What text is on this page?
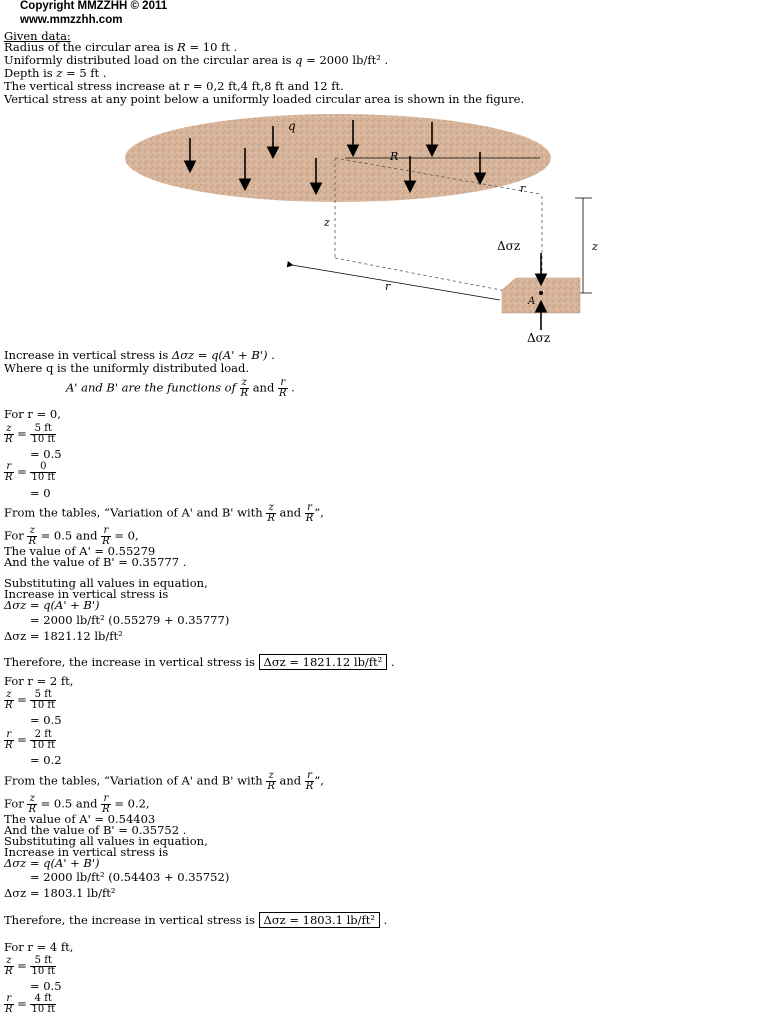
Copyright MMZZHH © 2011
www.mmzzhh.com
Given data:
Radius of the circular area is R = 10 ft .
Uniformly distributed load on the circular area is q = 2000 lb/ft² .
Depth is z = 5 ft .
The vertical stress increase at r = 0,2 ft,4 ft,8 ft and 12 ft.
Vertical stress at any point below a uniformly loaded circular area is shown in the figure.
q
R
r
z
z
r
Δσz
Δσz
A
Increase in vertical stress is Δσz = q(A' + B') .
Where q is the uniformly distributed load.
A' and B' are the functions of $\frac{z}{R}$ and $\frac{r}{R}$ .
For r = 0,
$\frac{z}{R} = \frac{5 ft}{10 ft}$
= 0.5
$\frac{r}{R} = \frac{0}{10 ft}$
= 0
From the tables, “Variation of A' and B' with $\frac{z}{R}$ and $\frac{r}{R}$ ”,
For $\frac{z}{R} = 0.5$ and $\frac{r}{R} = 0$,
The value of A' = 0.55279
And the value of B' = 0.35777 .
Substituting all values in equation,
Increase in vertical stress is
Δσz = q(A' + B')
= 2000 lb/ft² (0.55279 + 0.35777)
Δσz = 1821.12 lb/ft²
Therefore, the increase in vertical stress is Δσz = 1821.12 lb/ft² .
For r = 2 ft,
$\frac{z}{R} = \frac{5 ft}{10 ft}$
= 0.5
$\frac{r}{R} = \frac{2 ft}{10 ft}$
= 0.2
From the tables, “Variation of A' and B' with $\frac{z}{R}$ and $\frac{r}{R}$ ”,
For $\frac{z}{R} = 0.5$ and $\frac{r}{R} = 0.2$,
The value of A' = 0.54403
And the value of B' = 0.35752 .
Substituting all values in equation,
Increase in vertical stress is
Δσz = q(A' + B')
= 2000 lb/ft² (0.54403 + 0.35752)
Δσz = 1803.1 lb/ft²
Therefore, the increase in vertical stress is Δσz = 1803.1 lb/ft² .
For r = 4 ft,
$\frac{z}{R} = \frac{5 ft}{10 ft}$
= 0.5
$\frac{r}{R} = \frac{4 ft}{10 ft}$
